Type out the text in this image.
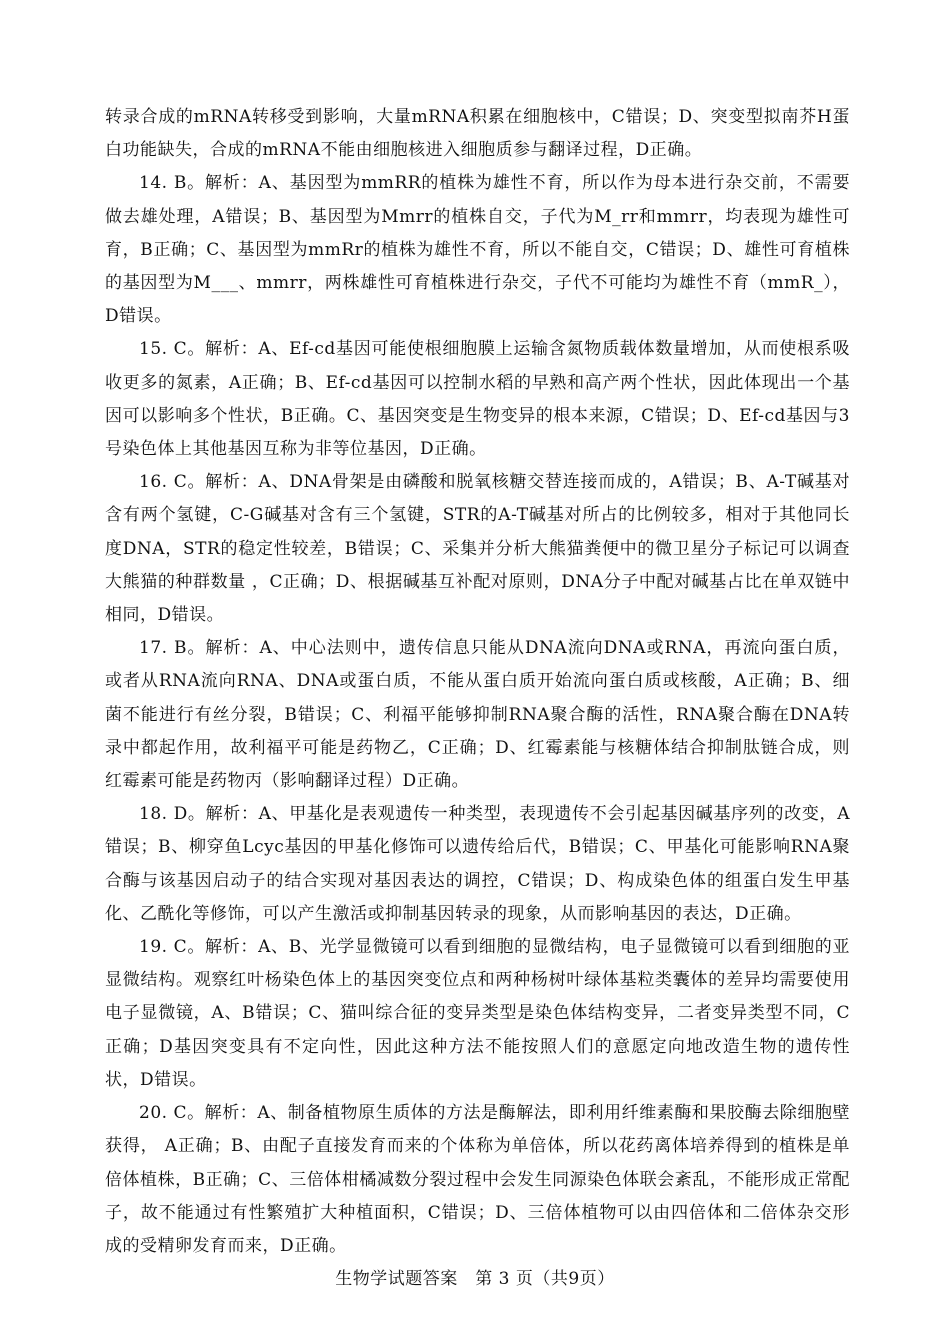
转录合成的mRNA转移受到影响，大量mRNA积累在细胞核中，C错误；D、突变型拟南芥H蛋白功能缺失，合成的mRNA不能由细胞核进入细胞质参与翻译过程，D正确。

14. B。解析：A、基因型为mmRR的植株为雄性不育，所以作为母本进行杂交前，不需要做去雄处理，A错误；B、基因型为Mmrr的植株自交，子代为M_rr和mmrr，均表现为雄性可育，B正确；C、基因型为mmRr的植株为雄性不育，所以不能自交，C错误；D、雄性可育植株的基因型为M___、mmrr，两株雄性可育植株进行杂交，子代不可能均为雄性不育（mmR_），D错误。

15. C。解析：A、Ef-cd基因可能使根细胞膜上运输含氮物质载体数量增加，从而使根系吸收更多的氮素，A正确；B、Ef-cd基因可以控制水稻的早熟和高产两个性状，因此体现出一个基因可以影响多个性状，B正确。C、基因突变是生物变异的根本来源，C错误；D、Ef-cd基因与3号染色体上其他基因互称为非等位基因，D正确。

16. C。解析：A、DNA骨架是由磷酸和脱氧核糖交替连接而成的，A错误；B、A-T碱基对含有两个氢键，C-G碱基对含有三个氢键，STR的A-T碱基对所占的比例较多，相对于其他同长度DNA，STR的稳定性较差，B错误；C、采集并分析大熊猫粪便中的微卫星分子标记可以调查大熊猫的种群数量 ，C正确；D、根据碱基互补配对原则，DNA分子中配对碱基占比在单双链中相同，D错误。

17. B。解析：A、中心法则中，遗传信息只能从DNA流向DNA或RNA，再流向蛋白质，或者从RNA流向RNA、DNA或蛋白质，不能从蛋白质开始流向蛋白质或核酸，A正确；B、细菌不能进行有丝分裂，B错误；C、利福平能够抑制RNA聚合酶的活性，RNA聚合酶在DNA转录中都起作用，故利福平可能是药物乙，C正确；D、红霉素能与核糖体结合抑制肽链合成，则红霉素可能是药物丙（影响翻译过程）D正确。

18. D。解析：A、甲基化是表观遗传一种类型，表现遗传不会引起基因碱基序列的改变，A错误；B、柳穿鱼Lcyc基因的甲基化修饰可以遗传给后代，B错误；C、甲基化可能影响RNA聚合酶与该基因启动子的结合实现对基因表达的调控，C错误；D、构成染色体的组蛋白发生甲基化、乙酰化等修饰，可以产生激活或抑制基因转录的现象，从而影响基因的表达，D正确。

19. C。解析：A、B、光学显微镜可以看到细胞的显微结构，电子显微镜可以看到细胞的亚显微结构。观察红叶杨染色体上的基因突变位点和两种杨树叶绿体基粒类囊体的差异均需要使用电子显微镜，A、B错误；C、猫叫综合征的变异类型是染色体结构变异，二者变异类型不同，C正确；D基因突变具有不定向性，因此这种方法不能按照人们的意愿定向地改造生物的遗传性状，D错误。

20. C。解析：A、制备植物原生质体的方法是酶解法，即利用纤维素酶和果胶酶去除细胞壁获得， A正确；B、由配子直接发育而来的个体称为单倍体，所以花药离体培养得到的植株是单倍体植株，B正确；C、三倍体柑橘减数分裂过程中会发生同源染色体联会紊乱，不能形成正常配子，故不能通过有性繁殖扩大种植面积，C错误；D、三倍体植物可以由四倍体和二倍体杂交形成的受精卵发育而来，D正确。

生物学试题答案　第 3 页（共9页）
